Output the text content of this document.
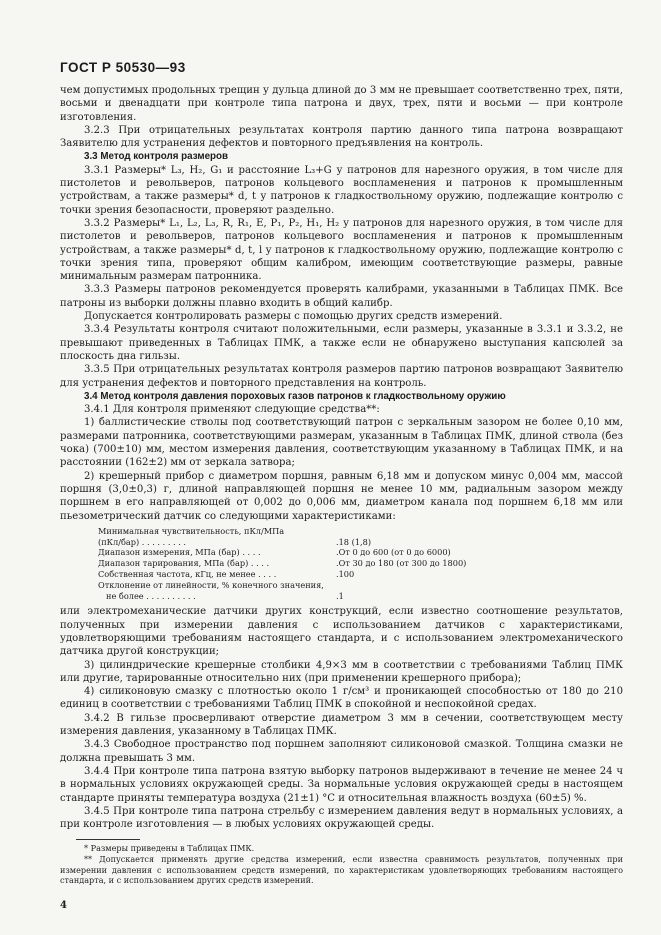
ГОСТ Р 50530—93

чем допустимых продольных трещин у дульца длиной до 3 мм не превышает соответственно трех, пяти, восьми и двенадцати при контроле типа патрона и двух, трех, пяти и восьми — при контроле изготовления.

3.2.3 При отрицательных результатах контроля партию данного типа патрона возвращают Заявителю для устранения дефектов и повторного предъявления на контроль.

3.3 Метод контроля размеров

3.3.1 Размеры* L₃, H₂, G₁ и расстояние L₃+G у патронов для нарезного оружия, в том числе для пистолетов и револьверов, патронов кольцевого воспламенения и патронов к промышленным устройствам, а также размеры* d, t у патронов к гладкоствольному оружию, подлежащие контролю с точки зрения безопасности, проверяют раздельно.

3.3.2 Размеры* L₁, L₂, L₃, R, R₁, E, P₁, P₂, H₁, H₂ у патронов для нарезного оружия, в том числе для пистолетов и револьверов, патронов кольцевого воспламенения и патронов к промышленным устройствам, а также размеры* d, t, l у патронов к гладкоствольному оружию, подлежащие контролю с точки зрения типа, проверяют общим калибром, имеющим соответствующие размеры, равные минимальным размерам патронника.

3.3.3 Размеры патронов рекомендуется проверять калибрами, указанными в Таблицах ПМК. Все патроны из выборки должны плавно входить в общий калибр.

Допускается контролировать размеры с помощью других средств измерений.

3.3.4 Результаты контроля считают положительными, если размеры, указанные в 3.3.1 и 3.3.2, не превышают приведенных в Таблицах ПМК, а также если не обнаружено выступания капсюлей за плоскость дна гильзы.

3.3.5 При отрицательных результатах контроля размеров партию патронов возвращают Заявителю для устранения дефектов и повторного представления на контроль.

3.4 Метод контроля давления пороховых газов патронов к гладкоствольному оружию

3.4.1 Для контроля применяют следующие средства**:

1) баллистические стволы под соответствующий патрон с зеркальным зазором не более 0,10 мм, размерами патронника, соответствующими размерам, указанным в Таблицах ПМК, длиной ствола (без чока) (700±10) мм, местом измерения давления, соответствующим указанному в Таблицах ПМК, и на расстоянии (162±2) мм от зеркала затвора;

2) крешерный прибор с диаметром поршня, равным 6,18 мм и допуском минус 0,004 мм, массой поршня (3,0±0,3) г, длиной направляющей поршня не менее 10 мм, радиальным зазором между поршнем в его направляющей от 0,002 до 0,006 мм, диаметром канала под поршнем 6,18 мм или пьезометрический датчик со следующими характеристиками:

Минимальная чувствительность, пКл/МПа
(пКл/бар) . . . . . . . . .	.18 (1,8)
Диапазон измерения, МПа (бар) . . . .	.От 0 до 600 (от 0 до 6000)
Диапазон тарирования, МПа (бар) . . . .	.От 30 до 180 (от 300 до 1800)
Собственная частота, кГц, не менее . . . .	.100
Отклонение от линейности, % конечного значения,
не более . . . . . . . . . .	.1

или электромеханические датчики других конструкций, если известно соотношение результатов, полученных при измерении давления с использованием датчиков с характеристиками, удовлетворяющими требованиям настоящего стандарта, и с использованием электромеханического датчика другой конструкции;

3) цилиндрические крешерные столбики 4,9×3 мм в соответствии с требованиями Таблиц ПМК или другие, тарированные относительно них (при применении крешерного прибора);

4) силиконовую смазку с плотностью около 1 г/см³ и проникающей способностью от 180 до 210 единиц в соответствии с требованиями Таблиц ПМК в спокойной и неспокойной средах.

3.4.2 В гильзе просверливают отверстие диаметром 3 мм в сечении, соответствующем месту измерения давления, указанному в Таблицах ПМК.

3.4.3 Свободное пространство под поршнем заполняют силиконовой смазкой. Толщина смазки не должна превышать 3 мм.

3.4.4 При контроле типа патрона взятую выборку патронов выдерживают в течение не менее 24 ч в нормальных условиях окружающей среды. За нормальные условия окружающей среды в настоящем стандарте приняты температура воздуха (21±1) °С и относительная влажность воздуха (60±5) %.

3.4.5 При контроле типа патрона стрельбу с измерением давления ведут в нормальных условиях, а при контроле изготовления — в любых условиях окружающей среды.

* Размеры приведены в Таблицах ПМК.

** Допускается применять другие средства измерений, если известна сравнимость результатов, полученных при измерении давления с использованием средств измерений, по характеристикам удовлетворяющих требованиям настоящего стандарта, и с использованием других средств измерений.

4
